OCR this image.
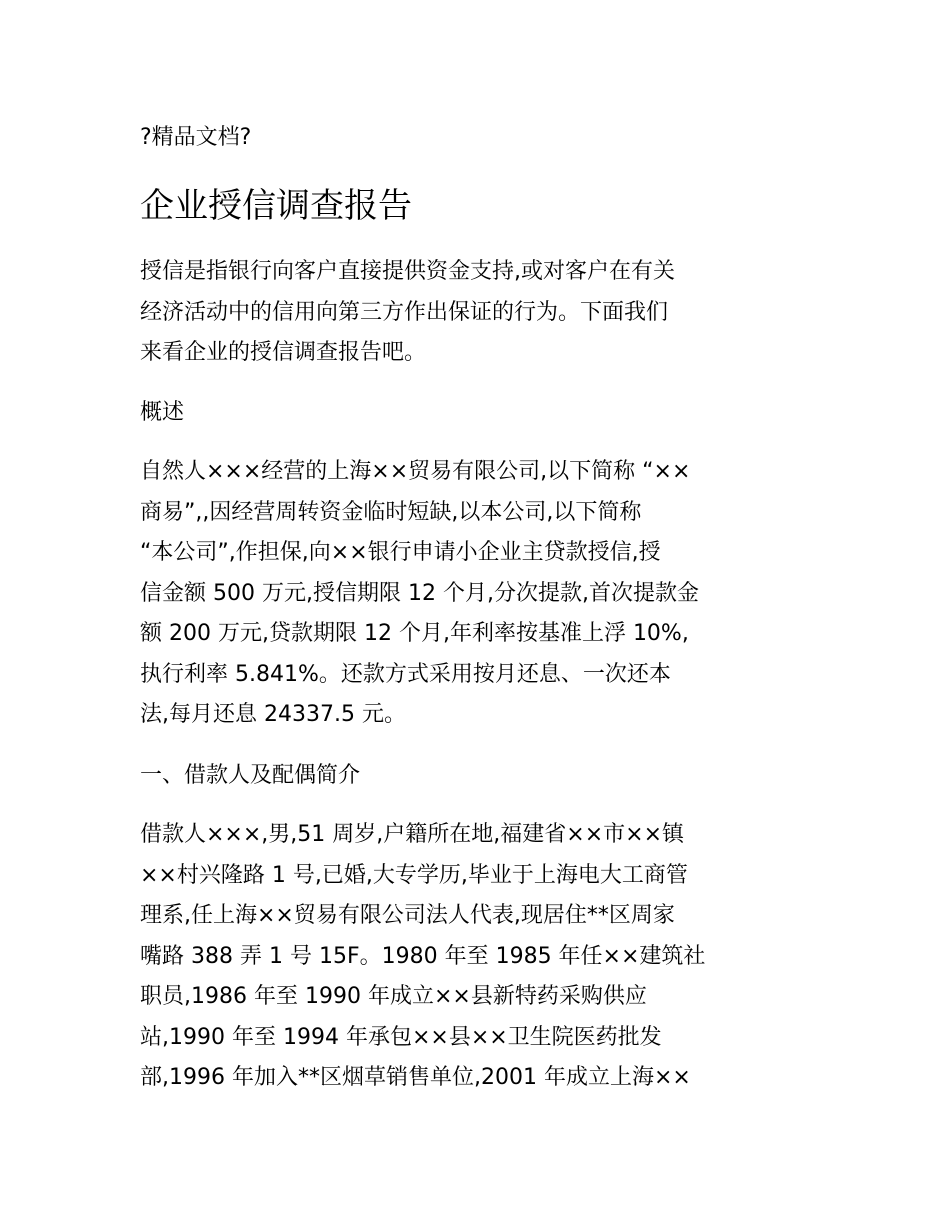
?精品文档?
企业授信调查报告
授信是指银行向客户直接提供资金支持,或对客户在有关
经济活动中的信用向第三方作出保证的行为。下面我们
来看企业的授信调查报告吧。
概述
自然人×××经营的上海××贸易有限公司,以下简称 “××
商易”,,因经营周转资金临时短缺,以本公司,以下简称
“本公司”,作担保,向××银行申请小企业主贷款授信,授
信金额 500 万元,授信期限 12 个月,分次提款,首次提款金
额 200 万元,贷款期限 12 个月,年利率按基准上浮 10%,
执行利率 5.841%。还款方式采用按月还息、一次还本
法,每月还息 24337.5 元。
一、借款人及配偶简介
借款人×××,男,51 周岁,户籍所在地,福建省××市××镇
××村兴隆路 1 号,已婚,大专学历,毕业于上海电大工商管
理系,任上海××贸易有限公司法人代表,现居住**区周家
嘴路 388 弄 1 号 15F。1980 年至 1985 年任××建筑社
职员,1986 年至 1990 年成立××县新特药采购供应
站,1990 年至 1994 年承包××县××卫生院医药批发
部,1996 年加入**区烟草销售单位,2001 年成立上海××
